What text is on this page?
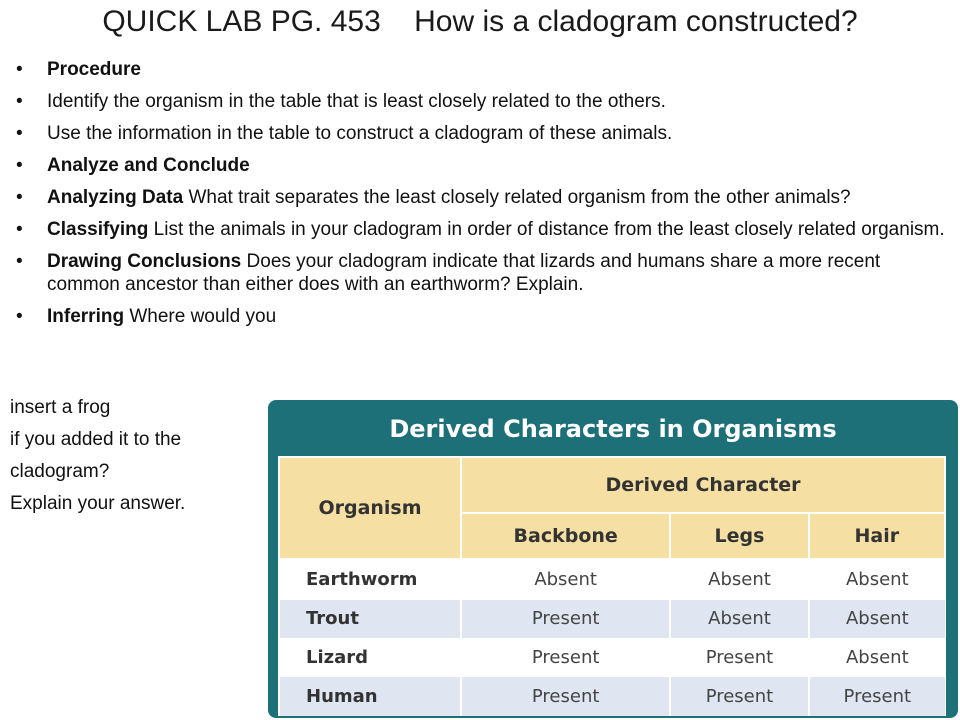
QUICK LAB PG. 453    How is a cladogram constructed?
•	Procedure
•	Identify the organism in the table that is least closely related to the others.
•	Use the information in the table to construct a cladogram of these animals.
•	Analyze and Conclude
•	Analyzing Data What trait separates the least closely related organism from the other animals?
•	Classifying List the animals in your cladogram in order of distance from the least closely related organism.
•	Drawing Conclusions Does your cladogram indicate that lizards and humans share a more recent common ancestor than either does with an earthworm? Explain.
•	Inferring Where would you
insert a frog
if you added it to the
cladogram?
Explain your answer.
Derived Characters in Organisms
Organism	Derived Character		
	Backbone	Legs	Hair
Earthworm	Absent	Absent	Absent
Trout	Present	Absent	Absent
Lizard	Present	Present	Absent
Human	Present	Present	Present
